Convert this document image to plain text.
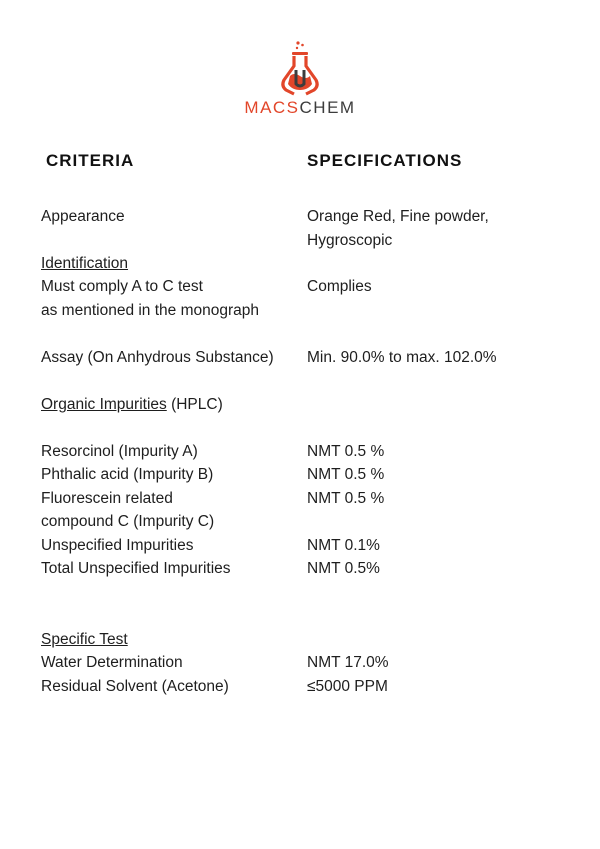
MACSCHEM
CRITERIA	SPECIFICATIONS
Appearance	Orange Red, Fine powder,
Hygroscopic
Identification
Must comply A to C test	Complies
as mentioned in the monograph
Assay (On Anhydrous Substance) Min. 90.0% to max. 102.0%
Organic Impurities (HPLC)
Resorcinol (Impurity A)	NMT 0.5 %
Phthalic acid (Impurity B)	NMT 0.5 %
Fluorescein related	NMT 0.5 %
compound C (Impurity C)
Unspecified Impurities	NMT 0.1%
Total Unspecified Impurities	NMT 0.5%
Specific Test
Water Determination	NMT 17.0%
Residual Solvent (Acetone)	≤5000 PPM
